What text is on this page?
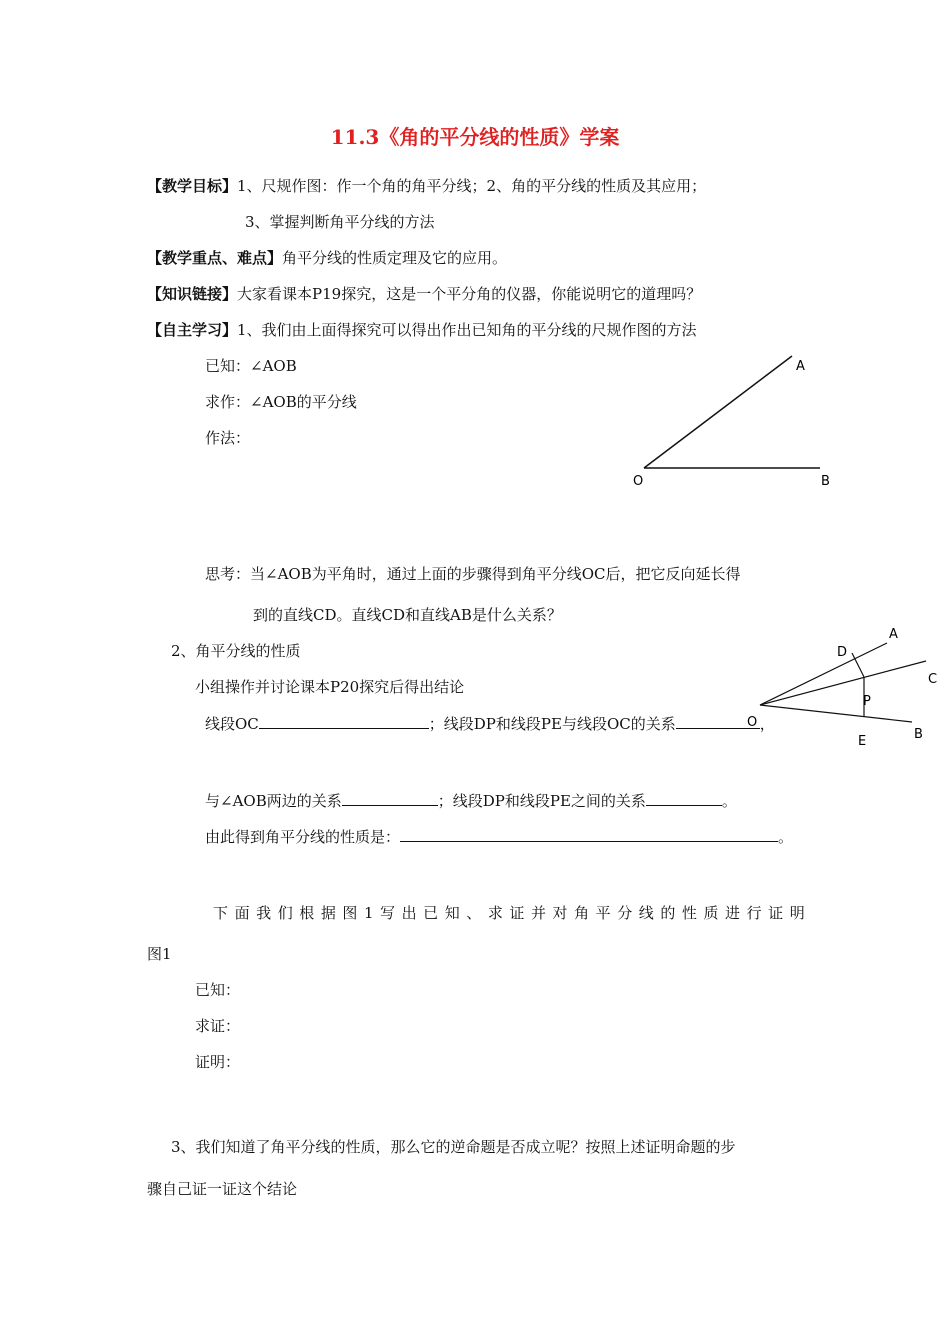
11.3《角的平分线的性质》学案
【教学目标】1、尺规作图：作一个角的角平分线；2、角的平分线的性质及其应用；
3、掌握判断角平分线的方法
【教学重点、难点】角平分线的性质定理及它的应用。
【知识链接】大家看课本P19探究，这是一个平分角的仪器，你能说明它的道理吗？
【自主学习】1、我们由上面得探究可以得出作出已知角的平分线的尺规作图的方法
已知：∠AOB
求作：∠AOB的平分线
作法：
思考：当∠AOB为平角时，通过上面的步骤得到角平分线OC后，把它反向延长得
到的直线CD。直线CD和直线AB是什么关系？
2、角平分线的性质
小组操作并讨论课本P20探究后得出结论
线段OC	；线段DP和线段PE与线段OC的关系	，
与∠AOB两边的关系	；线段DP和线段PE之间的关系	。
由此得到角平分线的性质是：	。
下 面 我 们 根 据 图 1 写 出 已 知 、 求 证 并 对 角 平 分 线 的 性 质 进 行 证 明
图1
已知：
求证：
证明：
3、我们知道了角平分线的性质，那么它的逆命题是否成立呢？按照上述证明命题的步
骤自己证一证这个结论
A
O	B
A
D
C
P
O
E	B
